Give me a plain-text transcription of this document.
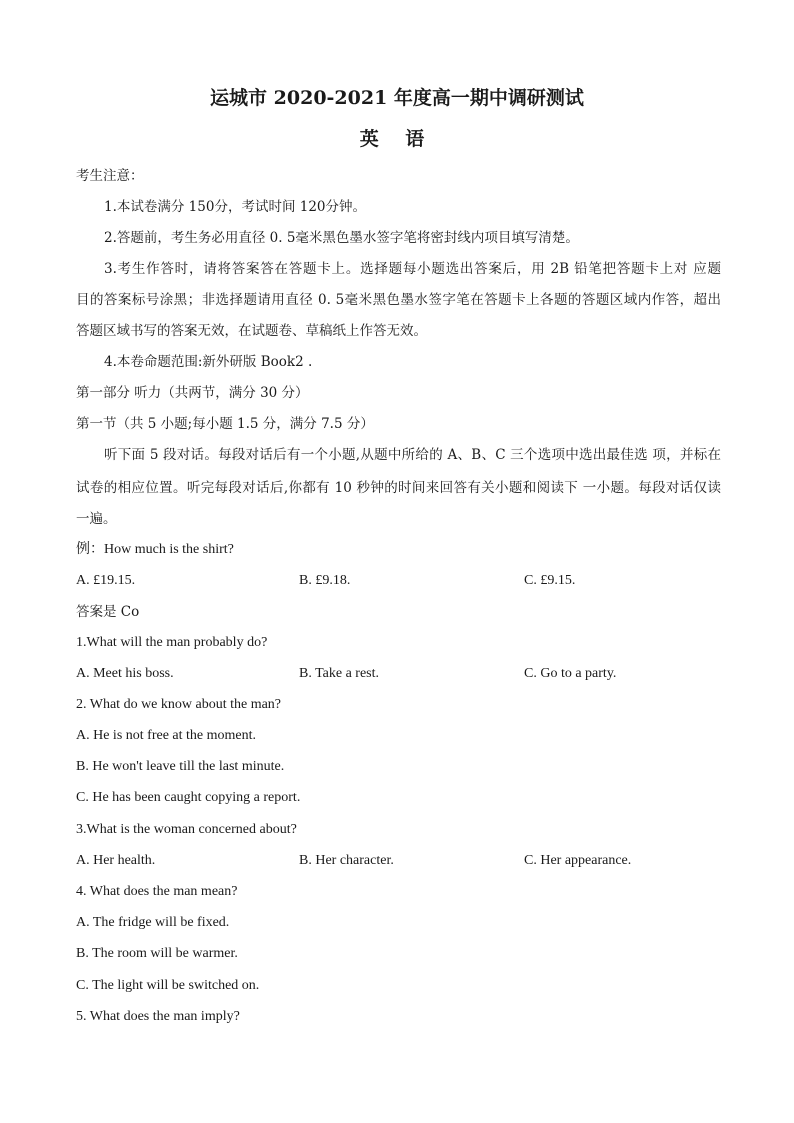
运城市 2020-2021 年度高一期中调研测试
英 语
考生注意：
1.本试卷满分 150分，考试时间 120分钟。
2.答题前，考生务必用直径 0. 5毫米黑色墨水签字笔将密封线内项目填写清楚。
3.考生作答时，请将答案答在答题卡上。选择题每小题选出答案后，用 2B 铅笔把答题卡上对 应题
目的答案标号涂黑；非选择题请用直径 0. 5毫米黑色墨水签字笔在答题卡上各题的答题区域内作答，超出
答题区域书写的答案无效，在试题卷、草稿纸上作答无效。
4.本卷命题范围:新外研版 Book2 .
第一部分 听力（共两节，满分 30 分）
第一节（共 5 小题;每小题 1.5 分，满分 7.5 分）
听下面 5 段对话。每段对话后有一个小题,从题中所给的 A、B、C 三个选项中选出最佳选 项，并标在
试卷的相应位置。听完每段对话后,你都有 10 秒钟的时间来回答有关小题和阅读下 一小题。每段对话仅读
一遍。
例：How much is the shirt?
A. £19.15.	B. £9.18.	C. £9.15.
答案是 Co
1.What will the man probably do?
A. Meet his boss.	B. Take a rest.	C. Go to a party.
2. What do we know about the man?
A. He is not free at the moment.
B. He won't leave till the last minute.
C. He has been caught copying a report.
3.What is the woman concerned about?
A. Her health.	B. Her character.	C. Her appearance.
4. What does the man mean?
A. The fridge will be fixed.
B. The room will be warmer.
C. The light will be switched on.
5. What does the man imply?
